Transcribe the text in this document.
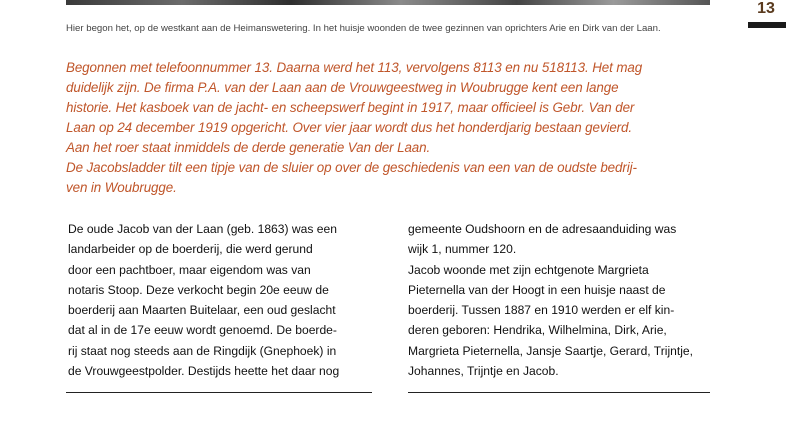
13
Hier begon het, op de westkant aan de Heimanswetering. In het huisje woonden de twee gezinnen van oprichters Arie en Dirk van der Laan.
Begonnen met telefoonnummer 13. Daarna werd het 113, vervolgens 8113 en nu 518113. Het mag
duidelijk zijn. De firma P.A. van der Laan aan de Vrouwgeestweg in Woubrugge kent een lange
historie. Het kasboek van de jacht- en scheepswerf begint in 1917, maar officieel is Gebr. Van der
Laan op 24 december 1919 opgericht. Over vier jaar wordt dus het honderdjarig bestaan gevierd.
Aan het roer staat inmiddels de derde generatie Van der Laan.
De Jacobsladder tilt een tipje van de sluier op over de geschiedenis van een van de oudste bedrij-
ven in Woubrugge.
De oude Jacob van der Laan (geb. 1863) was een
landarbeider op de boerderij, die werd gerund
door een pachtboer, maar eigendom was van
notaris Stoop. Deze verkocht begin 20e eeuw de
boerderij aan Maarten Buitelaar, een oud geslacht
dat al in de 17e eeuw wordt genoemd. De boerde-
rij staat nog steeds aan de Ringdijk (Gnephoek) in
de Vrouwgeestpolder. Destijds heette het daar nog
gemeente Oudshoorn en de adresaanduiding was
wijk 1, nummer 120.
Jacob woonde met zijn echtgenote Margrieta
Pieternella van der Hoogt in een huisje naast de
boerderij. Tussen 1887 en 1910 werden er elf kin-
deren geboren: Hendrika, Wilhelmina, Dirk, Arie,
Margrieta Pieternella, Jansje Saartje, Gerard, Trijntje,
Johannes, Trijntje en Jacob.
